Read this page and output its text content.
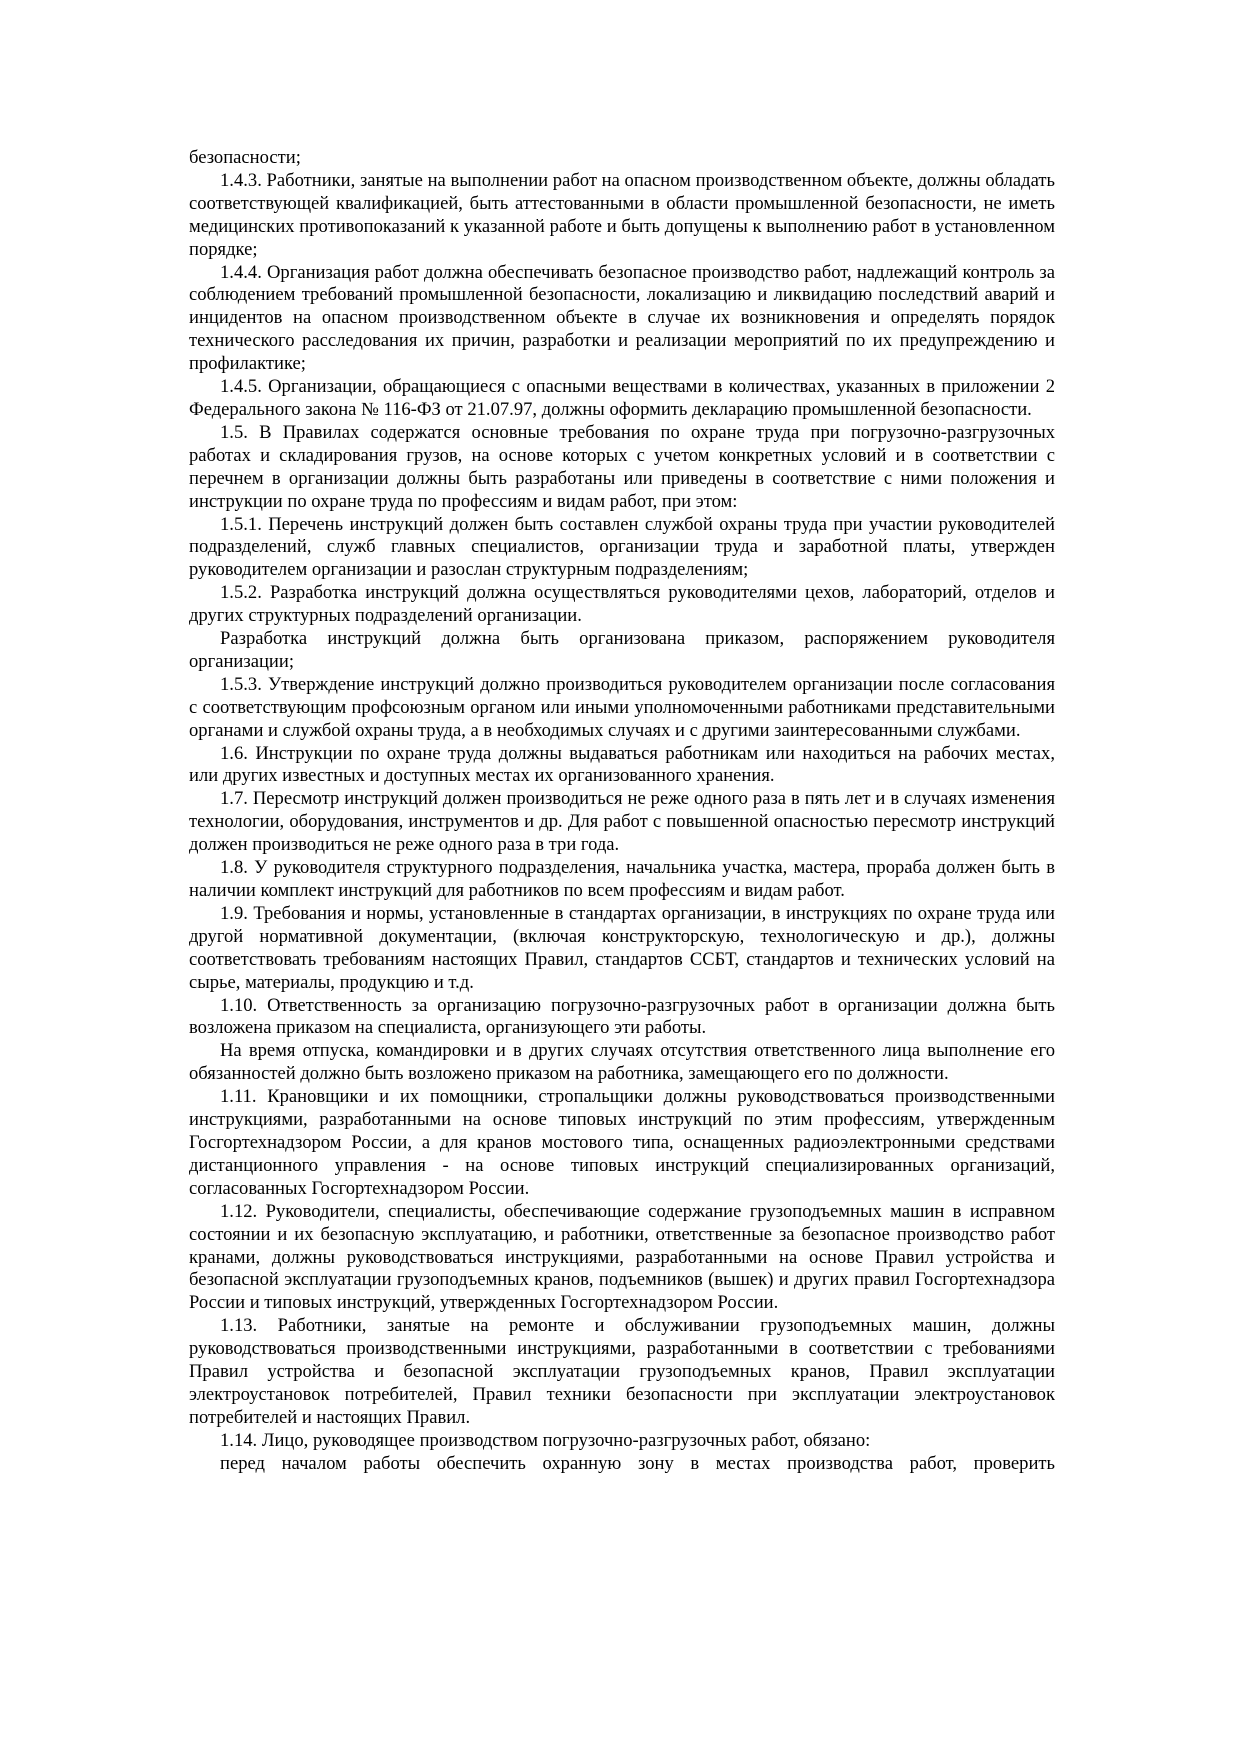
безопасности;

1.4.3. Работники, занятые на выполнении работ на опасном производственном объекте, должны обладать соответствующей квалификацией, быть аттестованными в области промышленной безопасности, не иметь медицинских противопоказаний к указанной работе и быть допущены к выполнению работ в установленном порядке;

1.4.4. Организация работ должна обеспечивать безопасное производство работ, надлежащий контроль за соблюдением требований промышленной безопасности, локализацию и ликвидацию последствий аварий и инцидентов на опасном производственном объекте в случае их возникновения и определять порядок технического расследования их причин, разработки и реализации мероприятий по их предупреждению и профилактике;

1.4.5. Организации, обращающиеся с опасными веществами в количествах, указанных в приложении 2 Федерального закона № 116-ФЗ от 21.07.97, должны оформить декларацию промышленной безопасности.

1.5. В Правилах содержатся основные требования по охране труда при погрузочно-разгрузочных работах и складирования грузов, на основе которых с учетом конкретных условий и в соответствии с перечнем в организации должны быть разработаны или приведены в соответствие с ними положения и инструкции по охране труда по профессиям и видам работ, при этом:

1.5.1. Перечень инструкций должен быть составлен службой охраны труда при участии руководителей подразделений, служб главных специалистов, организации труда и заработной платы, утвержден руководителем организации и разослан структурным подразделениям;

1.5.2. Разработка инструкций должна осуществляться руководителями цехов, лабораторий, отделов и других структурных подразделений организации.

Разработка инструкций должна быть организована приказом, распоряжением руководителя организации;

1.5.3. Утверждение инструкций должно производиться руководителем организации после согласования с соответствующим профсоюзным органом или иными уполномоченными работниками представительными органами и службой охраны труда, а в необходимых случаях и с другими заинтересованными службами.

1.6. Инструкции по охране труда должны выдаваться работникам или находиться на рабочих местах, или других известных и доступных местах их организованного хранения.

1.7. Пересмотр инструкций должен производиться не реже одного раза в пять лет и в случаях изменения технологии, оборудования, инструментов и др. Для работ с повышенной опасностью пересмотр инструкций должен производиться не реже одного раза в три года.

1.8. У руководителя структурного подразделения, начальника участка, мастера, прораба должен быть в наличии комплект инструкций для работников по всем профессиям и видам работ.

1.9. Требования и нормы, установленные в стандартах организации, в инструкциях по охране труда или другой нормативной документации, (включая конструкторскую, технологическую и др.), должны соответствовать требованиям настоящих Правил, стандартов ССБТ, стандартов и технических условий на сырье, материалы, продукцию и т.д.

1.10. Ответственность за организацию погрузочно-разгрузочных работ в организации должна быть возложена приказом на специалиста, организующего эти работы.

На время отпуска, командировки и в других случаях отсутствия ответственного лица выполнение его обязанностей должно быть возложено приказом на работника, замещающего его по должности.

1.11. Крановщики и их помощники, стропальщики должны руководствоваться производственными инструкциями, разработанными на основе типовых инструкций по этим профессиям, утвержденным Госгортехнадзором России, а для кранов мостового типа, оснащенных радиоэлектронными средствами дистанционного управления - на основе типовых инструкций специализированных организаций, согласованных Госгортехнадзором России.

1.12. Руководители, специалисты, обеспечивающие содержание грузоподъемных машин в исправном состоянии и их безопасную эксплуатацию, и работники, ответственные за безопасное производство работ кранами, должны руководствоваться инструкциями, разработанными на основе Правил устройства и безопасной эксплуатации грузоподъемных кранов, подъемников (вышек) и других правил Госгортехнадзора России и типовых инструкций, утвержденных Госгортехнадзором России.

1.13. Работники, занятые на ремонте и обслуживании грузоподъемных машин, должны руководствоваться производственными инструкциями, разработанными в соответствии с требованиями Правил устройства и безопасной эксплуатации грузоподъемных кранов, Правил эксплуатации электроустановок потребителей, Правил техники безопасности при эксплуатации электроустановок потребителей и настоящих Правил.

1.14. Лицо, руководящее производством погрузочно-разгрузочных работ, обязано:

перед началом работы обеспечить охранную зону в местах производства работ, проверить
